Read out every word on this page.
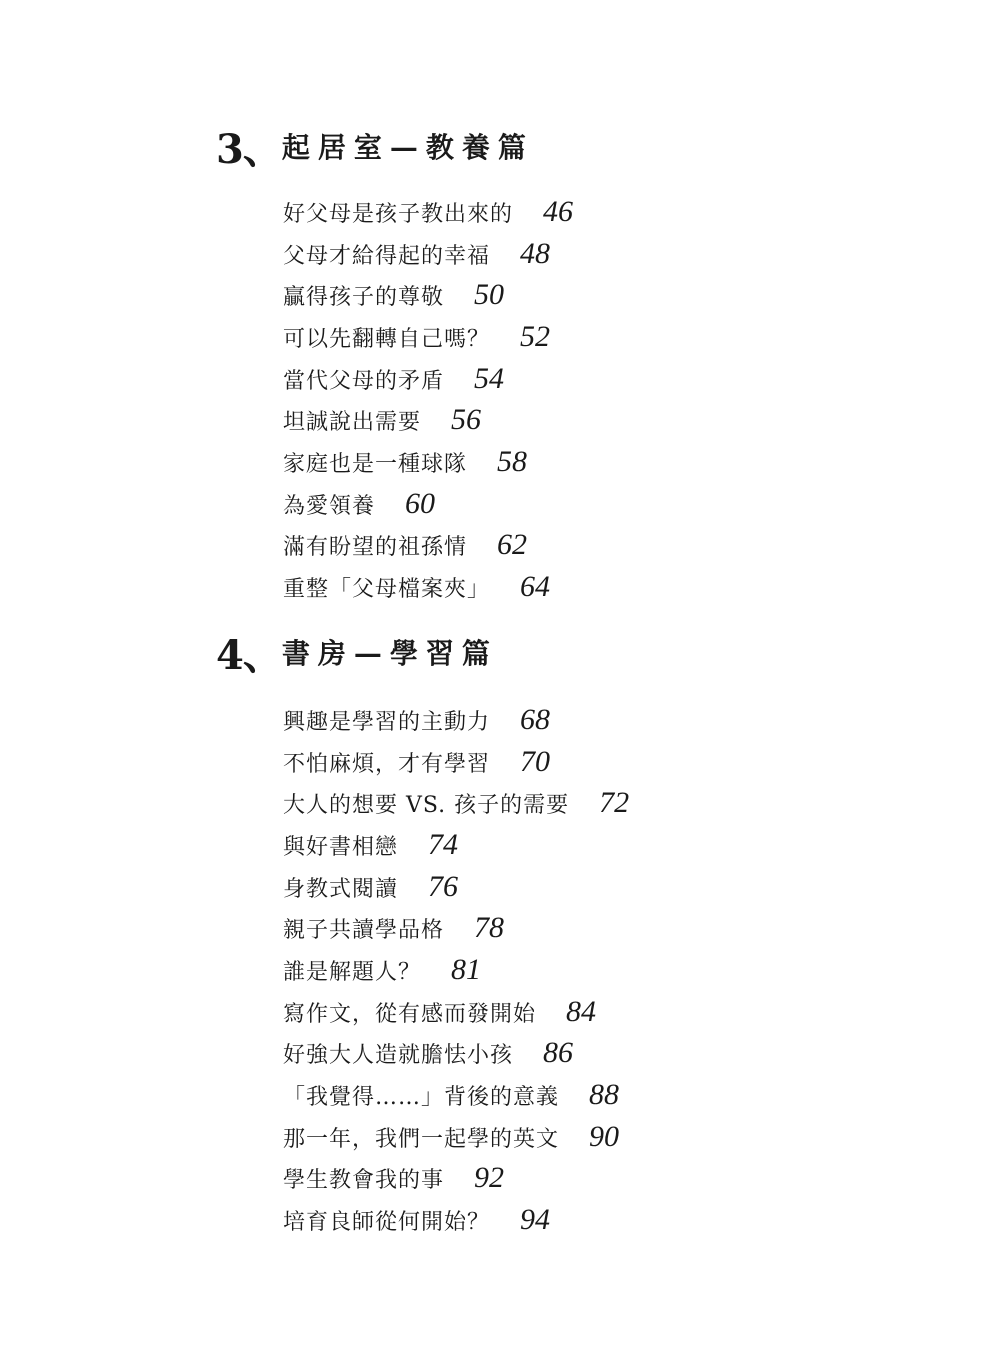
3、 起居室—教養篇
好父母是孩子教出來的 46
父母才給得起的幸福 48
贏得孩子的尊敬 50
可以先翻轉自己嗎？ 52
當代父母的矛盾 54
坦誠說出需要 56
家庭也是一種球隊 58
為愛領養 60
滿有盼望的祖孫情 62
重整「父母檔案夾」 64
4、 書房—學習篇
興趣是學習的主動力 68
不怕麻煩，才有學習 70
大人的想要 VS. 孩子的需要 72
與好書相戀 74
身教式閱讀 76
親子共讀學品格 78
誰是解題人？ 81
寫作文，從有感而發開始 84
好強大人造就膽怯小孩 86
「我覺得……」背後的意義 88
那一年，我們一起學的英文 90
學生教會我的事 92
培育良師從何開始？ 94
